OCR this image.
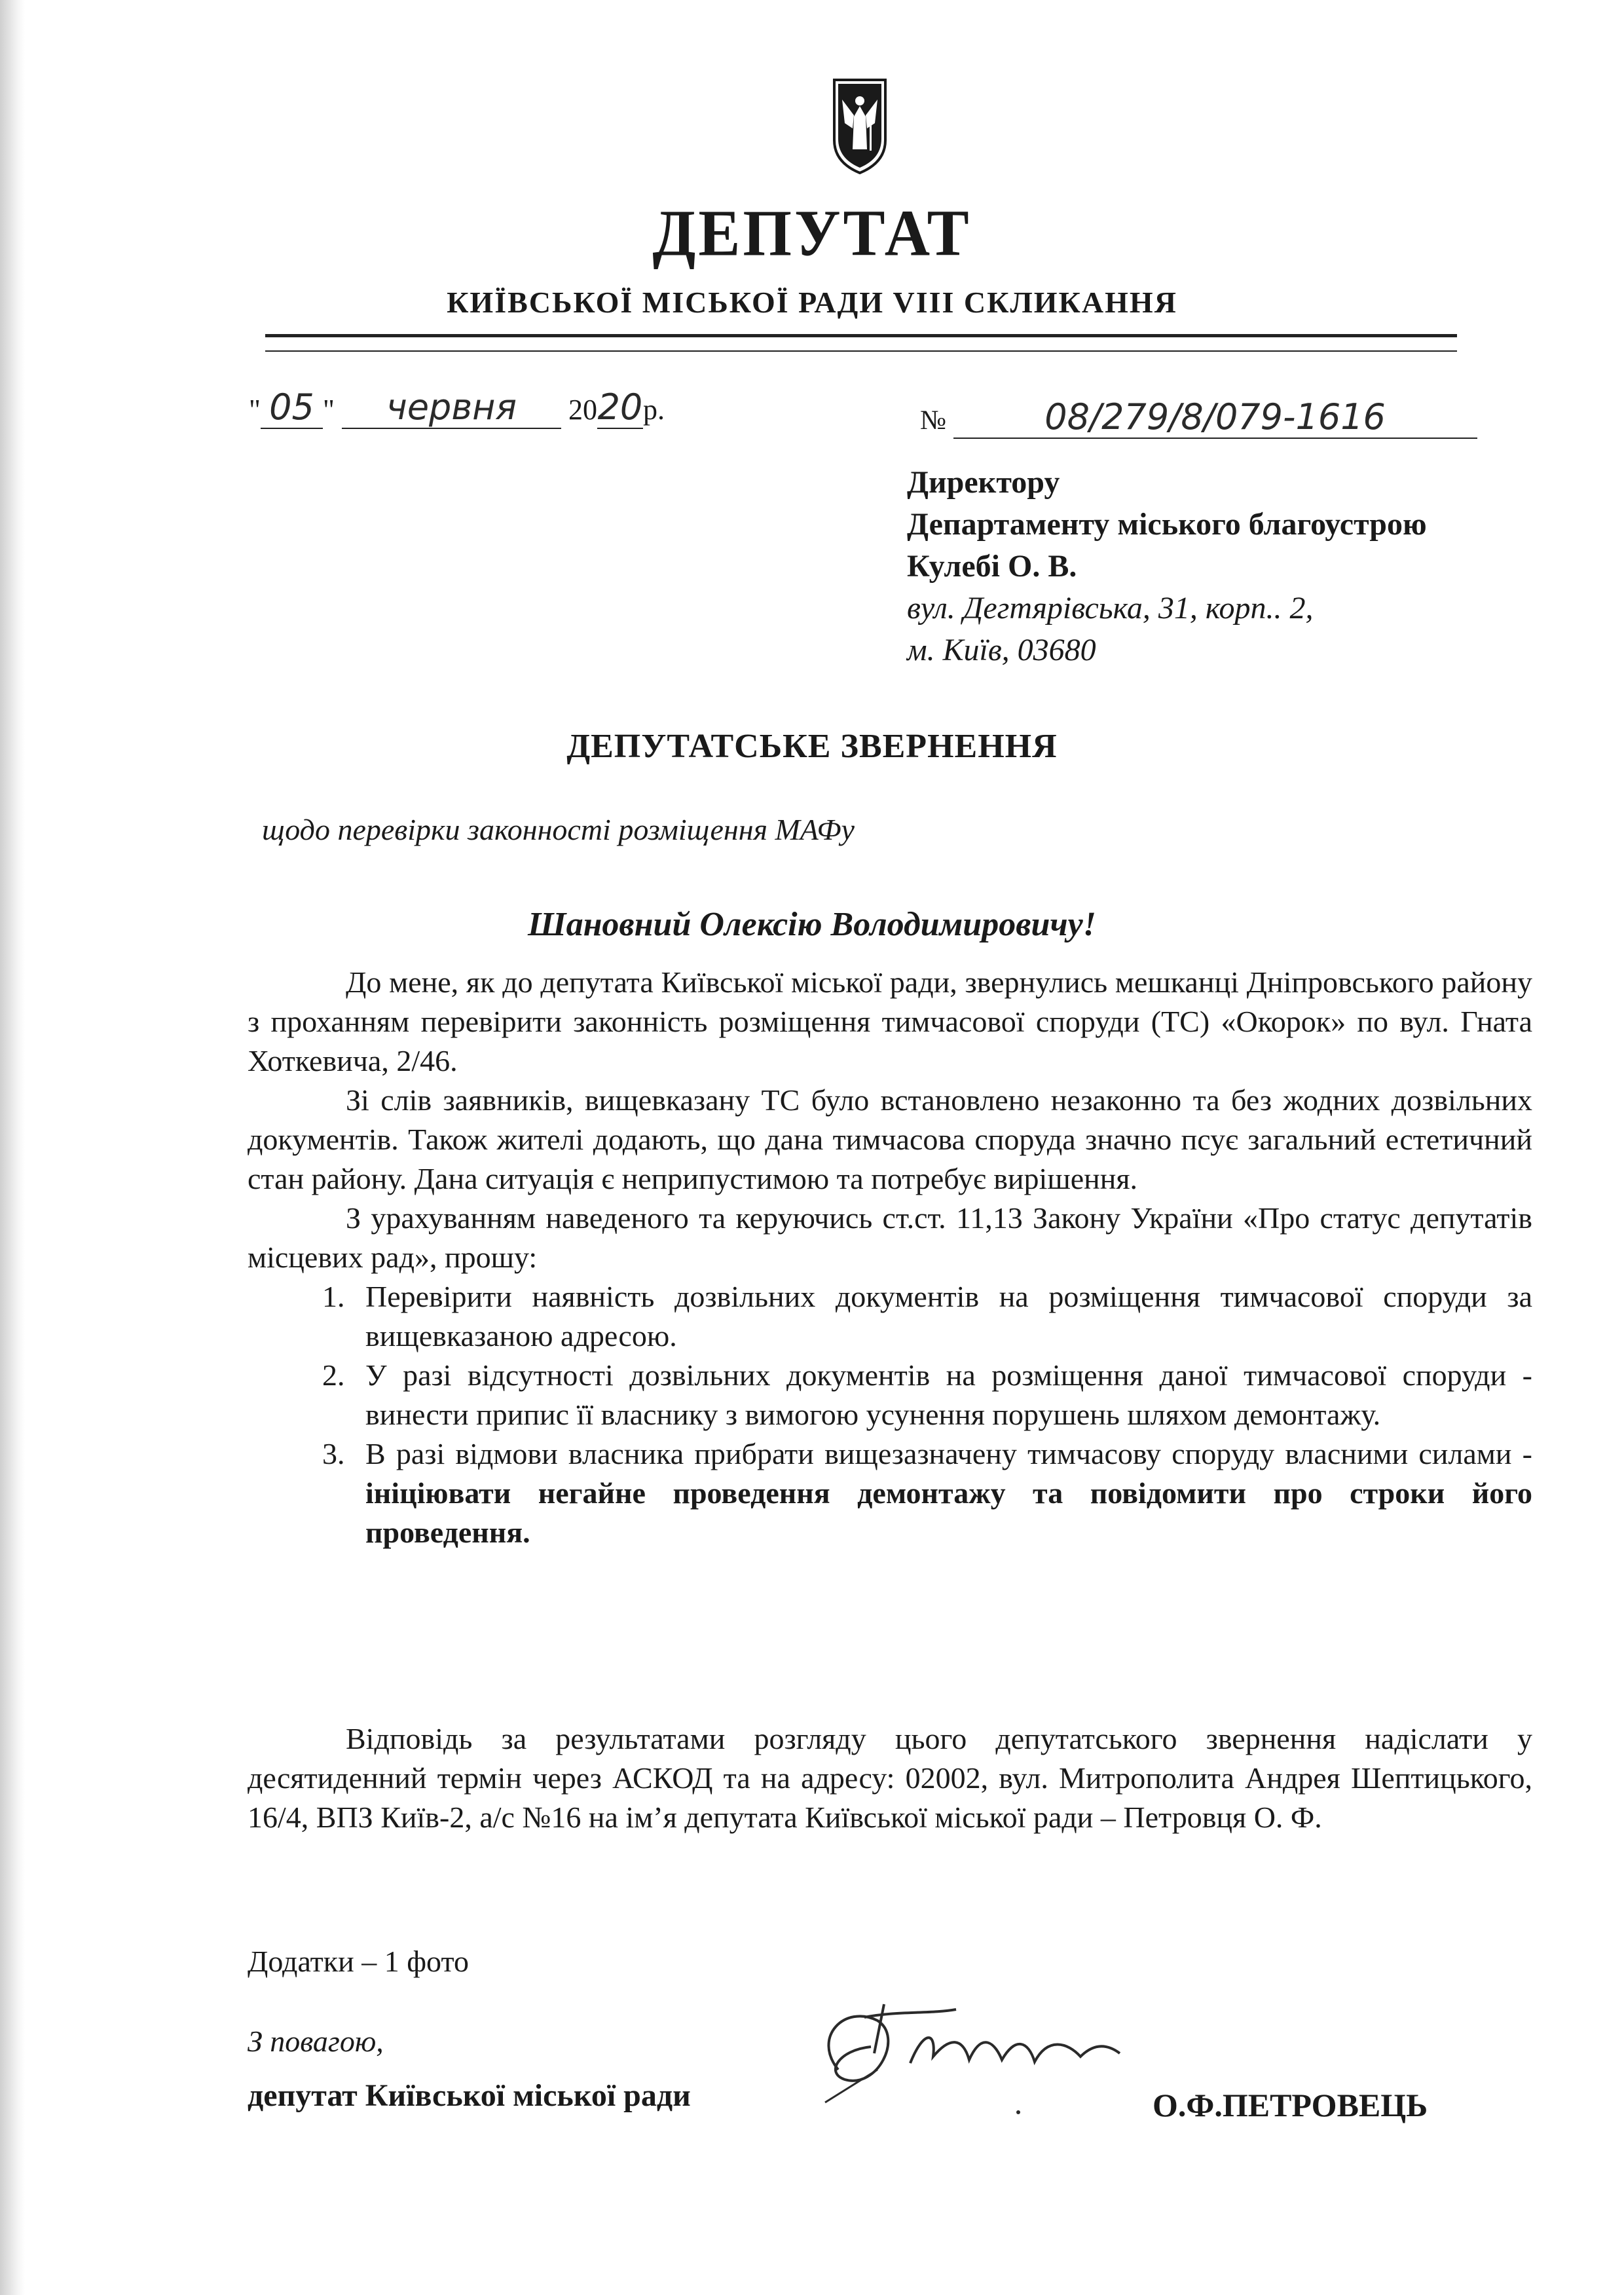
ДЕПУТАТ
КИЇВСЬКОЇ МІСЬКОЇ РАДИ VIII СКЛИКАННЯ
" 05 " червня 2020р.	№	08/279/8/079-1616
Директору
Департаменту міського благоустрою
Кулебі О. В.
вул. Дегтярівська, 31, корп.. 2,
м. Київ, 03680
ДЕПУТАТСЬКЕ ЗВЕРНЕННЯ
щодо перевірки законності розміщення МАФу
Шановний Олексію Володимировичу!

До мене, як до депутата Київської міської ради, звернулись мешканці Дніпровського району з проханням перевірити законність розміщення тимчасової споруди (ТС) «Окорок» по вул. Гната Хоткевича, 2/46.

Зі слів заявників, вищевказану ТС було встановлено незаконно та без жодних дозвільних документів. Також жителі додають, що дана тимчасова споруда значно псує загальний естетичний стан району. Дана ситуація є неприпустимою та потребує вирішення.

З урахуванням наведеного та керуючись ст.ст. 11,13 Закону України «Про статус депутатів місцевих рад», прошу:

1. Перевірити наявність дозвільних документів на розміщення тимчасової споруди за вищевказаною адресою.
2. У разі відсутності дозвільних документів на розміщення даної тимчасової споруди - винести припис її власнику з вимогою усунення порушень шляхом демонтажу.
3. В разі відмови власника прибрати вищезазначену тимчасову споруду власними силами - ініціювати негайне проведення демонтажу та повідомити про строки його проведення.
Відповідь за результатами розгляду цього депутатського звернення надіслати у десятиденний термін через АСКОД та на адресу: 02002, вул. Митрополита Андрея Шептицького, 16/4, ВПЗ Київ-2, а/с №16 на ім’я депутата Київської міської ради – Петровця О. Ф.
Додатки – 1 фото
З повагою,
депутат Київської міської ради	О.Ф.ПЕТРОВЕЦЬ
